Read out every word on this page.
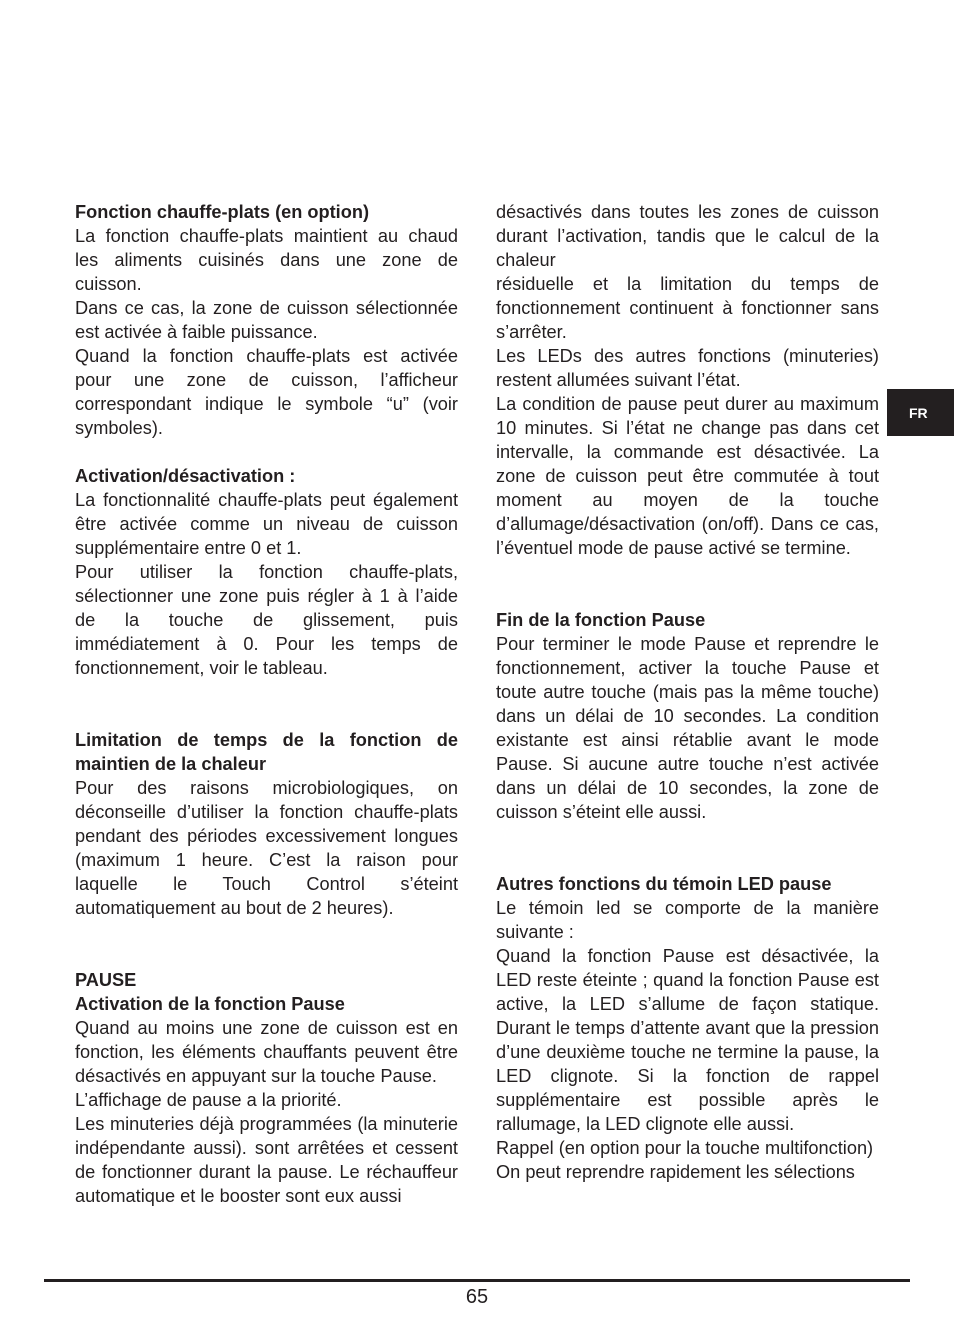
Fonction chauffe-plats (en option)

La fonction chauffe-plats maintient au chaud les aliments cuisinés dans une zone de cuisson.

Dans ce cas, la zone de cuisson sélectionnée est activée à faible puissance.

Quand la fonction chauffe-plats est activée pour une zone de cuisson, l’afficheur correspondant indique le symbole “u” (voir symboles).

Activation/désactivation :

La fonctionnalité chauffe-plats peut également être activée comme un niveau de cuisson supplémentaire entre 0 et 1.

Pour utiliser la fonction chauffe-plats, sélectionner une zone puis régler à 1 à l’aide de la touche de glissement, puis immédiatement à 0. Pour les temps de fonctionnement, voir le tableau.

Limitation de temps de la fonction de maintien de la chaleur

Pour des raisons microbiologiques, on déconseille d’utiliser la fonction chauffe-plats pendant des périodes excessivement longues (maximum 1 heure. C’est la raison pour laquelle le Touch Control s’éteint automatiquement au bout de 2 heures).

PAUSE
Activation de la fonction Pause

Quand au moins une zone de cuisson est en fonction, les éléments chauffants peuvent être désactivés en appuyant sur la touche Pause.

L’affichage de pause a la priorité.

Les minuteries déjà programmées (la minuterie indépendante aussi). sont arrêtées et cessent de fonctionner durant la pause. Le réchauffeur automatique et le booster sont eux aussi

désactivés dans toutes les zones de cuisson durant l’activation, tandis que le calcul de la chaleur

résiduelle et la limitation du temps de fonctionnement continuent à fonctionner sans s’arrêter.

Les LEDs des autres fonctions (minuteries) restent allumées suivant l’état.

La condition de pause peut durer au maximum 10 minutes. Si l’état ne change pas dans cet intervalle, la commande est désactivée. La zone de cuisson peut être commutée à tout moment au moyen de la touche d’allumage/désactivation (on/off). Dans ce cas, l’éventuel mode de pause activé se termine.

Fin de la fonction Pause

Pour terminer le mode Pause et reprendre le fonctionnement, activer la touche Pause et toute autre touche (mais pas la même touche) dans un délai de 10 secondes. La condition existante est ainsi rétablie avant le mode Pause. Si aucune autre touche n’est activée dans un délai de 10 secondes, la zone de cuisson s’éteint elle aussi.

Autres fonctions du témoin LED pause

Le témoin led se comporte de la manière suivante :

Quand la fonction Pause est désactivée, la LED reste éteinte ; quand la fonction Pause est active, la LED s’allume de façon statique. Durant le temps d’attente avant que la pression d’une deuxième touche ne termine la pause, la LED clignote. Si la fonction de rappel supplémentaire est possible après le rallumage, la LED clignote elle aussi.

Rappel (en option pour la touche multifonction)

On peut reprendre rapidement les sélections

FR
65
